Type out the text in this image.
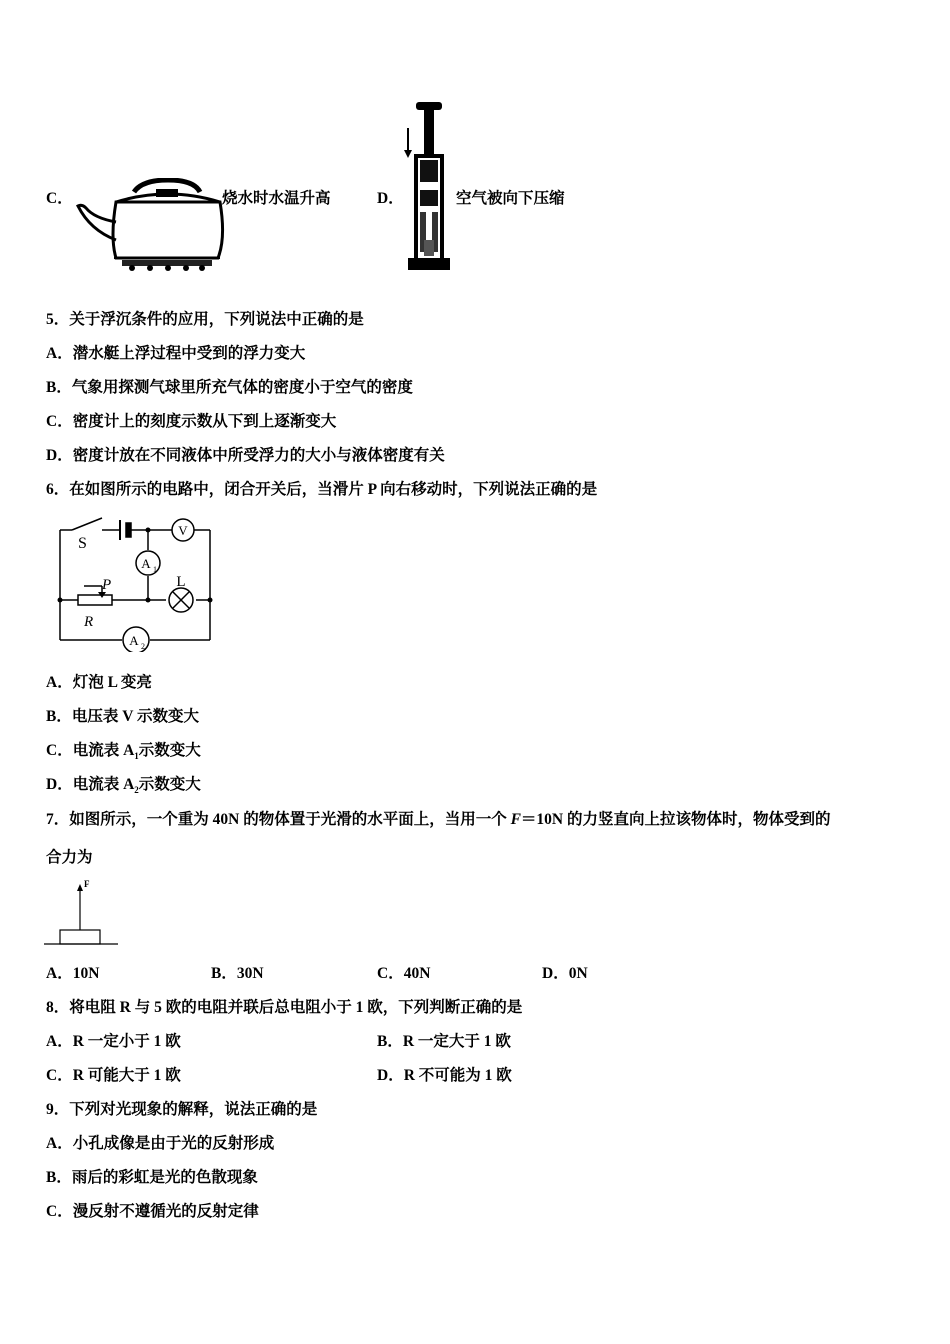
C．	烧水时水温升高	D．	空气被向下压缩
5．关于浮沉条件的应用，下列说法中正确的是
A．潜水艇上浮过程中受到的浮力变大
B．气象用探测气球里所充气体的密度小于空气的密度
C．密度计上的刻度示数从下到上逐渐变大
D．密度计放在不同液体中所受浮力的大小与液体密度有关
6．在如图所示的电路中，闭合开关后，当滑片 P 向右移动时，下列说法正确的是
V
A 1
L
A 2
S
P
R
A．灯泡 L 变亮
B．电压表 V 示数变大
C．电流表 $A_1$示数变大
D．电流表 $A_2$示数变大
7．如图所示，一个重为 40N 的物体置于光滑的水平面上，当用一个 F＝10N 的力竖直向上拉该物体时，物体受到的
合力为
F
A．10N	B．30N	C．40N	D．0N
8．将电阻 R 与 5 欧的电阻并联后总电阻小于 1 欧，下列判断正确的是
A．R 一定小于 1 欧	B．R 一定大于 1 欧
C．R 可能大于 1 欧	D．R 不可能为 1 欧
9．下列对光现象的解释，说法正确的是
A．小孔成像是由于光的反射形成
B．雨后的彩虹是光的色散现象
C．漫反射不遵循光的反射定律
